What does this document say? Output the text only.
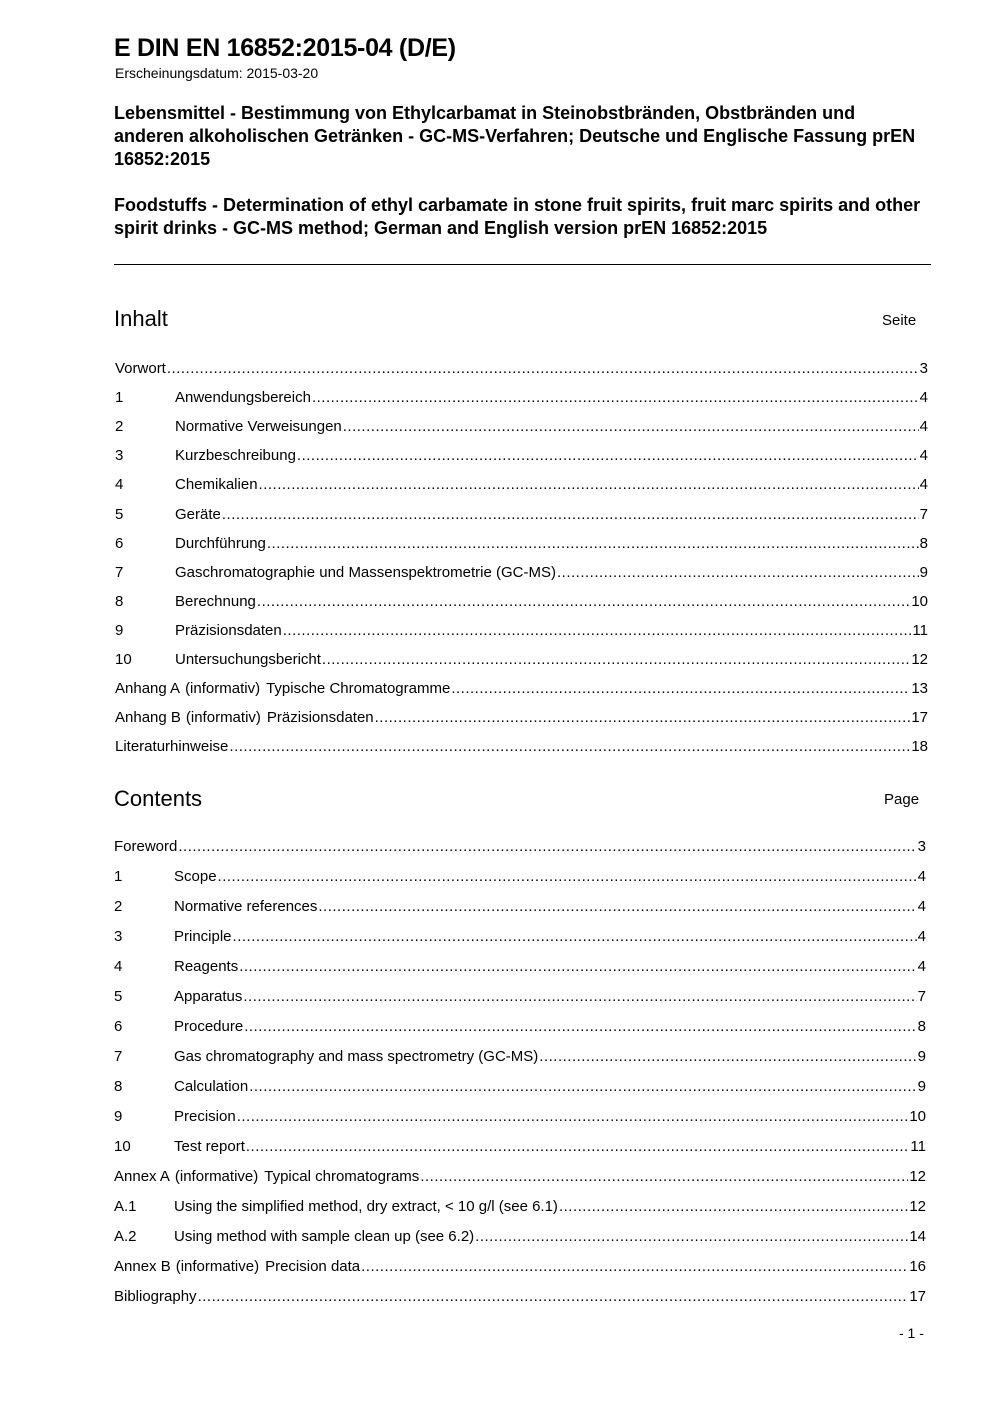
E DIN EN 16852:2015-04 (D/E)
Erscheinungsdatum: 2015-03-20
Lebensmittel - Bestimmung von Ethylcarbamat in Steinobstbränden, Obstbränden und anderen alkoholischen Getränken - GC-MS-Verfahren; Deutsche und Englische Fassung prEN 16852:2015
Foodstuffs - Determination of ethyl carbamate in stone fruit spirits, fruit marc spirits and other spirit drinks - GC-MS method; German and English version prEN 16852:2015
Inhalt	Seite
Vorwort .....	3
1	Anwendungsbereich .....	4
2	Normative Verweisungen .....	4
3	Kurzbeschreibung .....	4
4	Chemikalien .....	4
5	Geräte .....	7
6	Durchführung .....	8
7	Gaschromatographie und Massenspektrometrie (GC-MS) .....	9
8	Berechnung .....	10
9	Präzisionsdaten .....	11
10	Untersuchungsbericht .....	12
Anhang A (informativ) Typische Chromatogramme .....	13
Anhang B (informativ) Präzisionsdaten .....	17
Literaturhinweise .....	18
Contents	Page
Foreword .....	3
1	Scope .....	4
2	Normative references .....	4
3	Principle .....	4
4	Reagents .....	4
5	Apparatus .....	7
6	Procedure .....	8
7	Gas chromatography and mass spectrometry (GC-MS) .....	9
8	Calculation .....	9
9	Precision .....	10
10	Test report .....	11
Annex A (informative) Typical chromatograms .....	12
A.1	Using the simplified method, dry extract, < 10 g/l (see 6.1) .....	12
A.2	Using method with sample clean up (see 6.2) .....	14
Annex B (informative) Precision data .....	16
Bibliography .....	17
- 1 -
